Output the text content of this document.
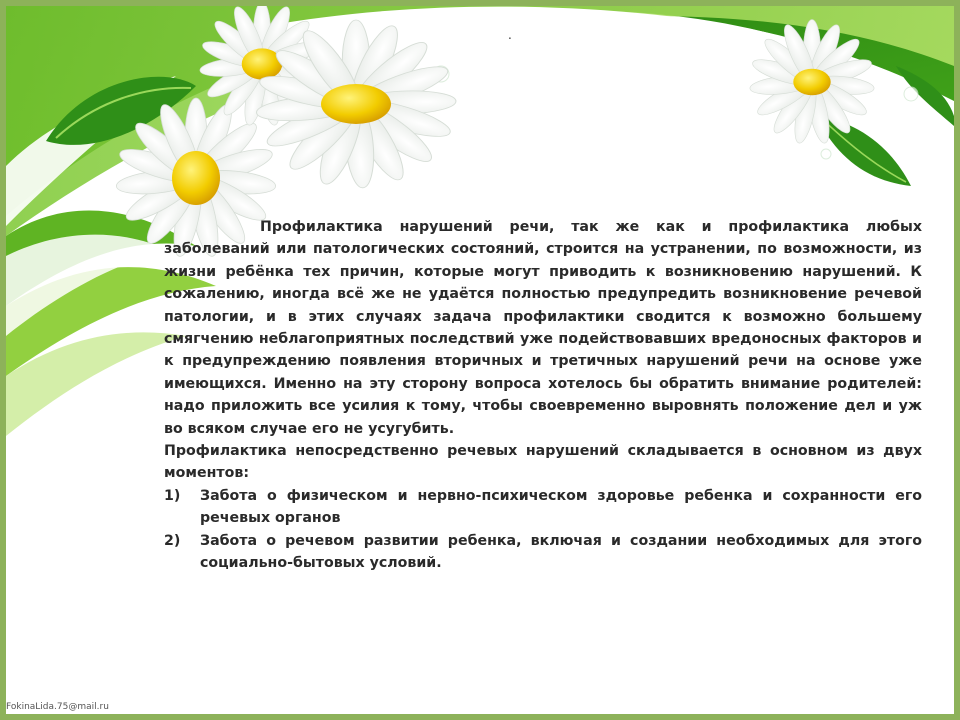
.

Профилактика нарушений речи, так же как и профилактика любых заболеваний или патологических состояний, строится на устранении, по возможности, из жизни ребёнка тех причин, которые могут приводить к возникновению нарушений. К сожалению, иногда всё же не удаётся полностью предупредить возникновение речевой патологии, и в этих случаях задача профилактики сводится к возможно большему смягчению неблагоприятных последствий уже подействовавших вредоносных факторов и к предупреждению появления вторичных и третичных нарушений речи на основе уже имеющихся. Именно на эту сторону вопроса хотелось бы обратить внимание родителей: надо приложить все усилия к тому, чтобы своевременно выровнять положение дел и уж во всяком случае его не усугубить.

Профилактика непосредственно речевых нарушений складывается в основном из двух моментов:

1) Забота о физическом и нервно-психическом здоровье ребенка и сохранности его речевых органов
2) Забота о речевом развитии ребенка, включая и создании необходимых для этого социально-бытовых условий.
FokinaLida.75@mail.ru
